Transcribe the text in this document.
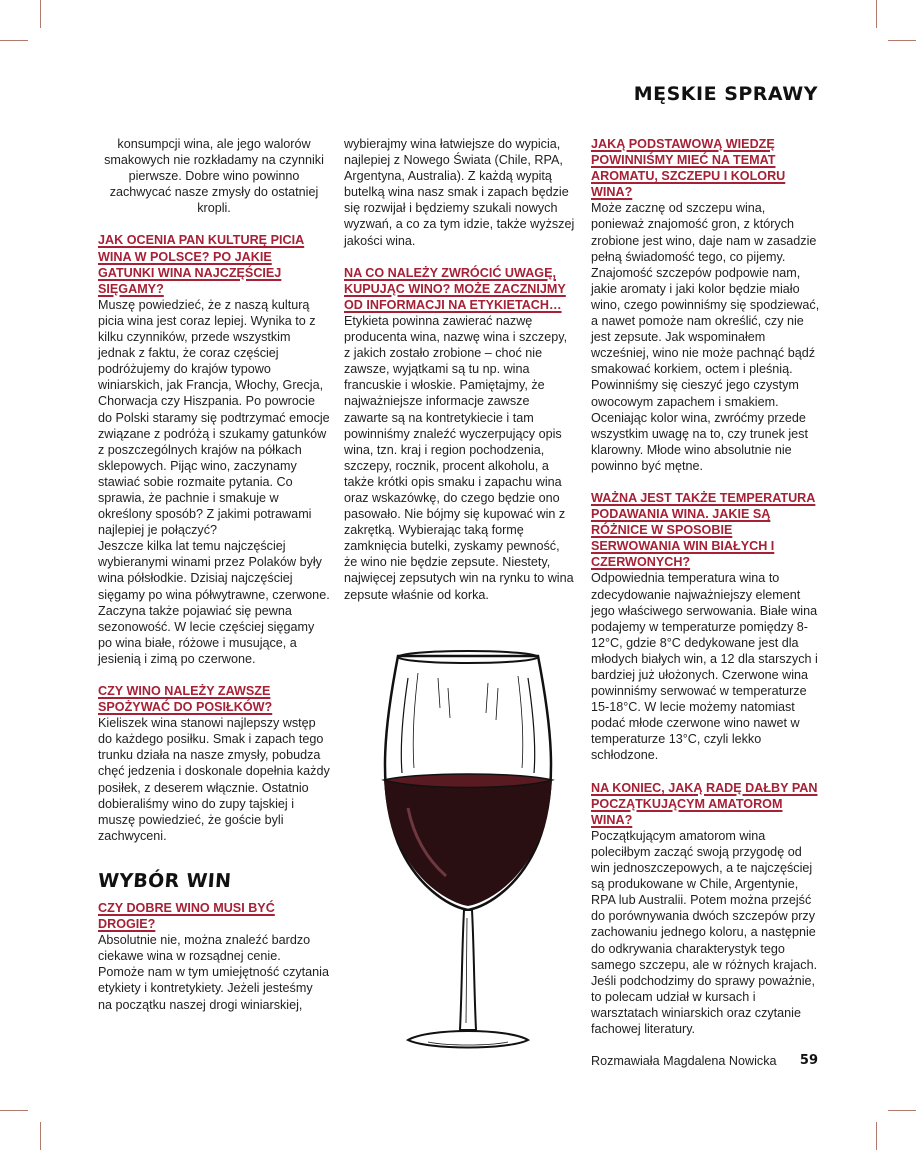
MĘSKIE SPRAWY

konsumpcji wina, ale jego walorów smakowych nie rozkładamy na czynniki pierwsze. Dobre wino powinno zachwycać nasze zmysły do ostatniej kropli.

JAK OCENIA PAN KULTURĘ PICIA WINA W POLSCE? PO JAKIE GATUNKI WINA NAJCZĘŚCIEJ SIĘGAMY?

Muszę powiedzieć, że z naszą kulturą picia wina jest coraz lepiej. Wynika to z kilku czynników, przede wszystkim jednak z faktu, że coraz częściej podróżujemy do krajów typowo winiarskich, jak Francja, Włochy, Grecja, Chorwacja czy Hiszpania. Po powrocie do Polski staramy się podtrzymać emocje związane z podróżą i szukamy gatunków z poszczególnych krajów na półkach sklepowych. Pijąc wino, zaczynamy stawiać sobie rozmaite pytania. Co sprawia, że pachnie i smakuje w określony sposób? Z jakimi potrawami najlepiej je połączyć?

Jeszcze kilka lat temu najczęściej wybieranymi winami przez Polaków były wina półsłodkie. Dzisiaj najczęściej sięgamy po wina półwytrawne, czerwone. Zaczyna także pojawiać się pewna sezonowość. W lecie częściej sięgamy po wina białe, różowe i musujące, a jesienią i zimą po czerwone.

CZY WINO NALEŻY ZAWSZE SPOŻYWAĆ DO POSIŁKÓW?

Kieliszek wina stanowi najlepszy wstęp do każdego posiłku. Smak i zapach tego trunku działa na nasze zmysły, pobudza chęć jedzenia i doskonale dopełnia każdy posiłek, z deserem włącznie. Ostatnio dobieraliśmy wino do zupy tajskiej i muszę powiedzieć, że goście byli zachwyceni.

WYBÓR WIN
CZY DOBRE WINO MUSI BYĆ DROGIE?

Absolutnie nie, można znaleźć bardzo ciekawe wina w rozsądnej cenie. Pomoże nam w tym umiejętność czytania etykiety i kontretykiety. Jeżeli jesteśmy na początku naszej drogi winiarskiej,

wybierajmy wina łatwiejsze do wypicia, najlepiej z Nowego Świata (Chile, RPA, Argentyna, Australia). Z każdą wypitą butelką wina nasz smak i zapach będzie się rozwijał i będziemy szukali nowych wyzwań, a co za tym idzie, także wyższej jakości wina.

NA CO NALEŻY ZWRÓCIĆ UWAGĘ, KUPUJĄC WINO? MOŻE ZACZNIJMY OD INFORMACJI NA ETYKIETACH…

Etykieta powinna zawierać nazwę producenta wina, nazwę wina i szczepy, z jakich zostało zrobione – choć nie zawsze, wyjątkami są tu np. wina francuskie i włoskie. Pamiętajmy, że najważniejsze informacje zawsze zawarte są na kontretykiecie i tam powinniśmy znaleźć wyczerpujący opis wina, tzn. kraj i region pochodzenia, szczepy, rocznik, procent alkoholu, a także krótki opis smaku i zapachu wina oraz wskazówkę, do czego będzie ono pasowało. Nie bójmy się kupować win z zakrętką. Wybierając taką formę zamknięcia butelki, zyskamy pewność, że wino nie będzie zepsute. Niestety, najwięcej zepsutych win na rynku to wina zepsute właśnie od korka.

JAKĄ PODSTAWOWĄ WIEDZĘ POWINNIŚMY MIEĆ NA TEMAT AROMATU, SZCZEPU I KOLORU WINA?

Może zacznę od szczepu wina, ponieważ znajomość gron, z których zrobione jest wino, daje nam w zasadzie pełną świadomość tego, co pijemy. Znajomość szczepów podpowie nam, jakie aromaty i jaki kolor będzie miało wino, czego powinniśmy się spodziewać, a nawet pomoże nam określić, czy nie jest zepsute. Jak wspominałem wcześniej, wino nie może pachnąć bądź smakować korkiem, octem i pleśnią. Powinniśmy się cieszyć jego czystym owocowym zapachem i smakiem. Oceniając kolor wina, zwróćmy przede wszystkim uwagę na to, czy trunek jest klarowny. Młode wino absolutnie nie powinno być mętne.

WAŻNA JEST TAKŻE TEMPERATURA PODAWANIA WINA. JAKIE SĄ RÓŻNICE W SPOSOBIE SERWOWANIA WIN BIAŁYCH I CZERWONYCH?

Odpowiednia temperatura wina to zdecydowanie najważniejszy element jego właściwego serwowania. Białe wina podajemy w temperaturze pomiędzy 8-12°C, gdzie 8°C dedykowane jest dla młodych białych win, a 12 dla starszych i bardziej już ułożonych. Czerwone wina powinniśmy serwować w temperaturze 15-18°C. W lecie możemy natomiast podać młode czerwone wino nawet w temperaturze 13°C, czyli lekko schłodzone.

NA KONIEC, JAKĄ RADĘ DAŁBY PAN POCZĄTKUJĄCYM AMATOROM WINA?

Początkującym amatorom wina poleciłbym zacząć swoją przygodę od win jednoszczepowych, a te najczęściej są produkowane w Chile, Argentynie, RPA lub Australii. Potem można przejść do porównywania dwóch szczepów przy zachowaniu jednego koloru, a następnie do odkrywania charakterystyk tego samego szczepu, ale w różnych krajach. Jeśli podchodzimy do sprawy poważnie, to polecam udział w kursach i warsztatach winiarskich oraz czytanie fachowej literatury.

Rozmawiała Magdalena Nowicka	59
